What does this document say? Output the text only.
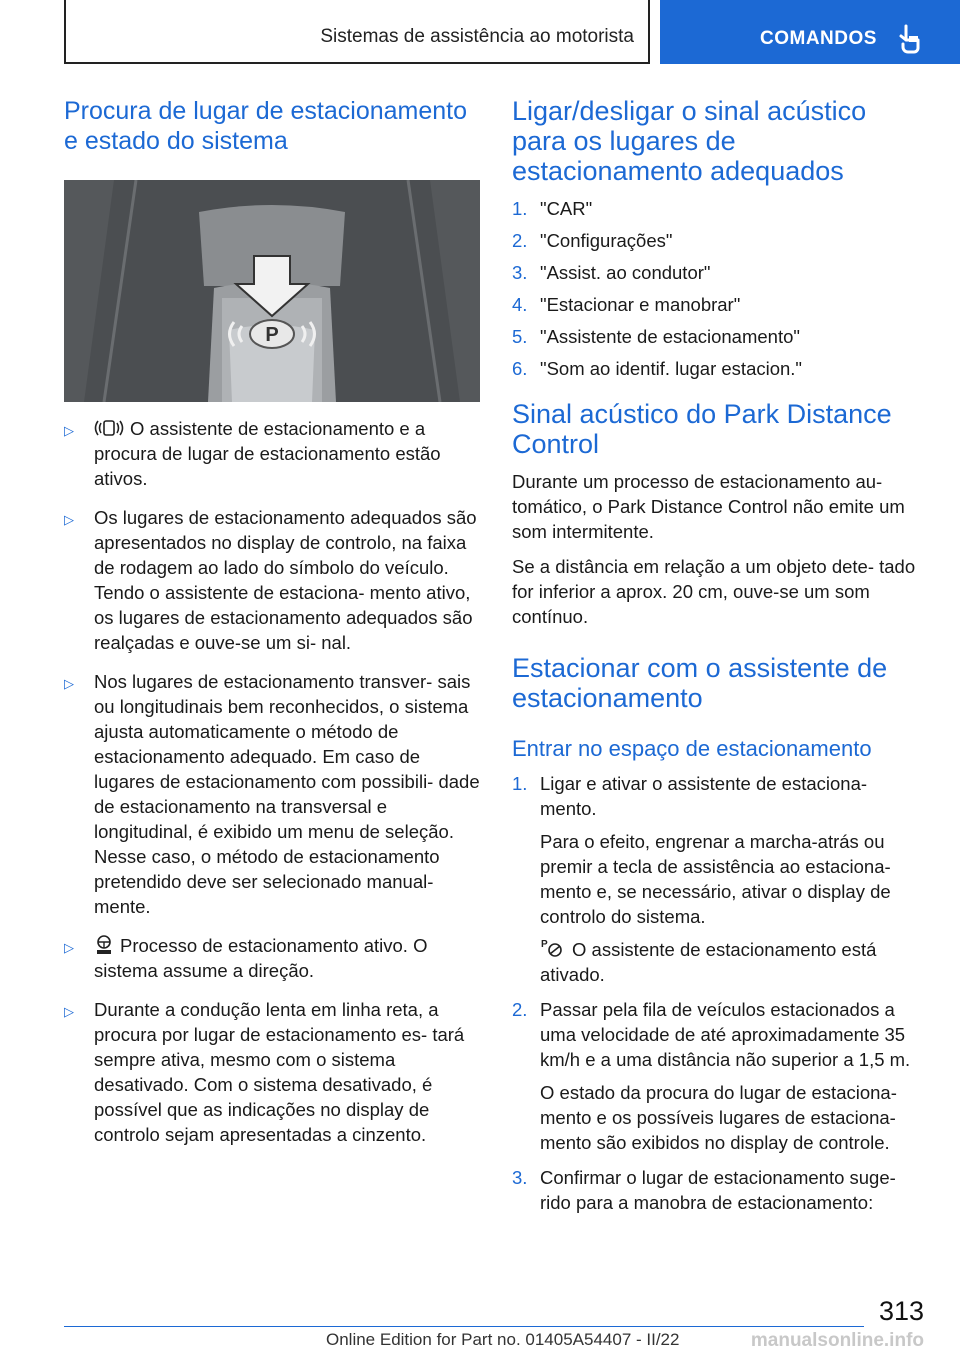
Sistemas de assistência ao motorista	COMANDOS
Procura de lugar de estacionamento e estado do sistema
P
▷	O assistente de estacionamento e a procura de lugar de estacionamento estão ativos.
▷ Os lugares de estacionamento adequados são apresentados no display de controlo, na faixa de rodagem ao lado do símbolo do veículo. Tendo o assistente de estaciona- mento ativo, os lugares de estacionamento adequados são realçadas e ouve-se um si- nal.
▷ Nos lugares de estacionamento transver- sais ou longitudinais bem reconhecidos, o sistema ajusta automaticamente o método de estacionamento adequado. Em caso de lugares de estacionamento com possibili- dade de estacionamento na transversal e longitudinal, é exibido um menu de seleção. Nesse caso, o método de estacionamento pretendido deve ser selecionado manual- mente.
▷ Processo de estacionamento ativo. O sistema assume a direção.
▷ Durante a condução lenta em linha reta, a procura por lugar de estacionamento es- tará sempre ativa, mesmo com o sistema desativado. Com o sistema desativado, é possível que as indicações no display de controlo sejam apresentadas a cinzento.
Ligar/desligar o sinal acústico para os lugares de estacionamento adequados
1. "CAR"
2. "Configurações"
3. "Assist. ao condutor"
4. "Estacionar e manobrar"
5. "Assistente de estacionamento"
6. "Som ao identif. lugar estacion."
Sinal acústico do Park Distance Control

Durante um processo de estacionamento au- tomático, o Park Distance Control não emite um som intermitente.

Se a distância em relação a um objeto dete- tado for inferior a aprox. 20 cm, ouve-se um som contínuo.

Estacionar com o assistente de estacionamento
Entrar no espaço de estacionamento
1. Ligar e ativar o assistente de estaciona- mento.

Para o efeito, engrenar a marcha-atrás ou premir a tecla de assistência ao estaciona- mento e, se necessário, ativar o display de controlo do sistema.

P O assistente de estacionamento está ativado.

2. Passar pela fila de veículos estacionados a uma velocidade de até aproximadamente 35 km/h e a uma distância não superior a 1,5 m.

O estado da procura do lugar de estaciona- mento e os possíveis lugares de estaciona- mento são exibidos no display de controle.

3. Confirmar o lugar de estacionamento suge- rido para a manobra de estacionamento:
313
Online Edition for Part no. 01405A54407 - II/22	manualsonline.info
